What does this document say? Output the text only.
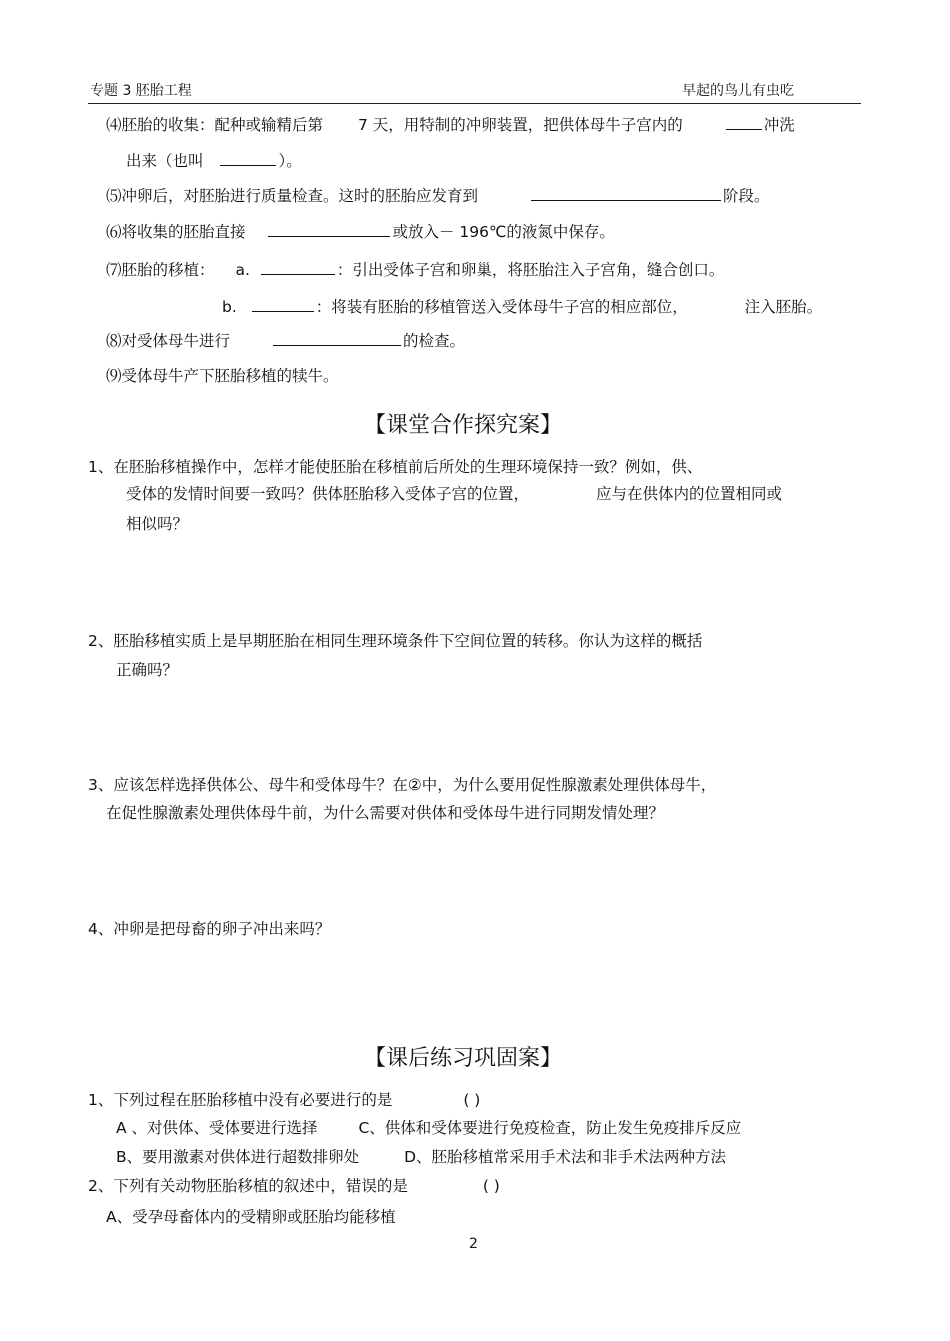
专题 3 胚胎工程	早起的鸟儿有虫吃
⑷胚胎的收集：配种或输精后第 7 天，用特制的冲卵装置，把供体母牛子宫内的	冲洗
出来（也叫	）。
⑸冲卵后，对胚胎进行质量检查。这时的胚胎应发育到	阶段。
⑹将收集的胚胎直接	或放入－ 196℃的液氮中保存。
⑺胚胎的移植： a.	：引出受体子宫和卵巢，将胚胎注入子宫角，缝合创口。
b.	：将装有胚胎的移植管送入受体母牛子宫的相应部位，	注入胚胎。
⑻对受体母牛进行	的检查。
⑼受体母牛产下胚胎移植的犊牛。
【课堂合作探究案】
1、在胚胎移植操作中，怎样才能使胚胎在移植前后所处的生理环境保持一致？例如，供、
受体的发情时间要一致吗？供体胚胎移入受体子宫的位置，	应与在供体内的位置相同或
相似吗？
2、胚胎移植实质上是早期胚胎在相同生理环境条件下空间位置的转移。你认为这样的概括
正确吗？
3、应该怎样选择供体公、母牛和受体母牛？在②中，为什么要用促性腺激素处理供体母牛，
在促性腺激素处理供体母牛前，为什么需要对供体和受体母牛进行同期发情处理？
4、冲卵是把母畜的卵子冲出来吗？
【课后练习巩固案】
1、下列过程在胚胎移植中没有必要进行的是	( )
A 、对供体、受体要进行选择	C、供体和受体要进行免疫检查，防止发生免疫排斥反应
B、要用激素对供体进行超数排卵处	D、胚胎移植常采用手术法和非手术法两种方法
2、下列有关动物胚胎移植的叙述中，错误的是	( )
A、受孕母畜体内的受精卵或胚胎均能移植
2
